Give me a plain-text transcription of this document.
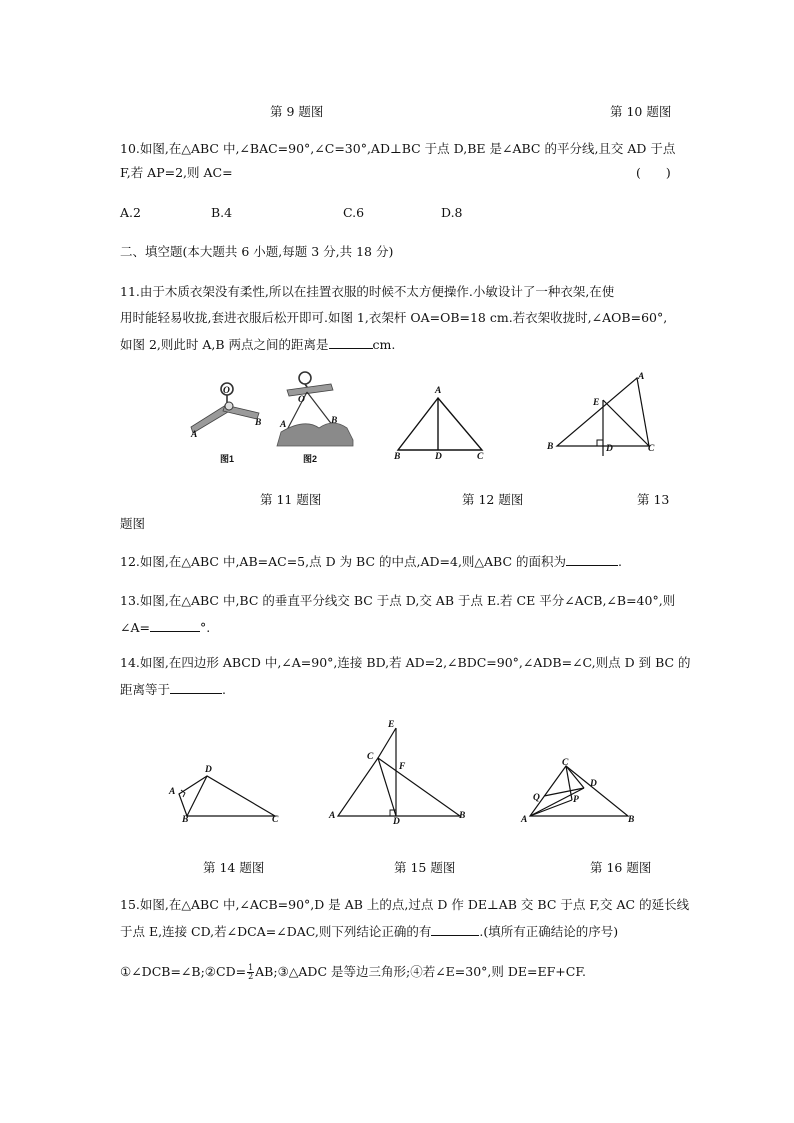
第 9 题图	第 10 题图
10.如图,在△ABC 中,∠BAC=90°,∠C=30°,AD⊥BC 于点 D,BE 是∠ABC 的平分线,且交 AD 于点
F,若 AP=2,则 AC=	(　　)
A.2	B.4	C.6	D.8
二、填空题(本大题共 6 小题,每题 3 分,共 18 分)
11.由于木质衣架没有柔性,所以在挂置衣服的时候不太方便操作.小敏设计了一种衣架,在使
用时能轻易收拢,套进衣服后松开即可.如图 1,衣架杆 OA=OB=18 cm.若衣架收拢时,∠AOB=60°,
如图 2,则此时 A,B 两点之间的距离是	cm.
O
A
B
图1
O
A	B
图2
A
B	D	C
A
E
B	D	C
第 11 题图	第 12 题图	第 13
题图
12.如图,在△ABC 中,AB=AC=5,点 D 为 BC 的中点,AD=4,则△ABC 的面积为	.
13.如图,在△ABC 中,BC 的垂直平分线交 BC 于点 D,交 AB 于点 E.若 CE 平分∠ACB,∠B=40°,则
∠A=	°.
14.如图,在四边形 ABCD 中,∠A=90°,连接 BD,若 AD=2,∠BDC=90°,∠ADB=∠C,则点 D 到 BC 的
距离等于	.
D
A
B	C
E
C
F
A
D
B
C
D
Q	P
A	B
第 14 题图	第 15 题图	第 16 题图
15.如图,在△ABC 中,∠ACB=90°,D 是 AB 上的点,过点 D 作 DE⊥AB 交 BC 于点 F,交 AC 的延长线
于点 E,连接 CD,若∠DCA=∠DAC,则下列结论正确的有	.(填所有正确结论的序号)
①∠DCB=∠B;②CD= $\frac{1}{2}$ AB;③△ADC 是等边三角形;④若∠E=30°,则 DE=EF+CF.
